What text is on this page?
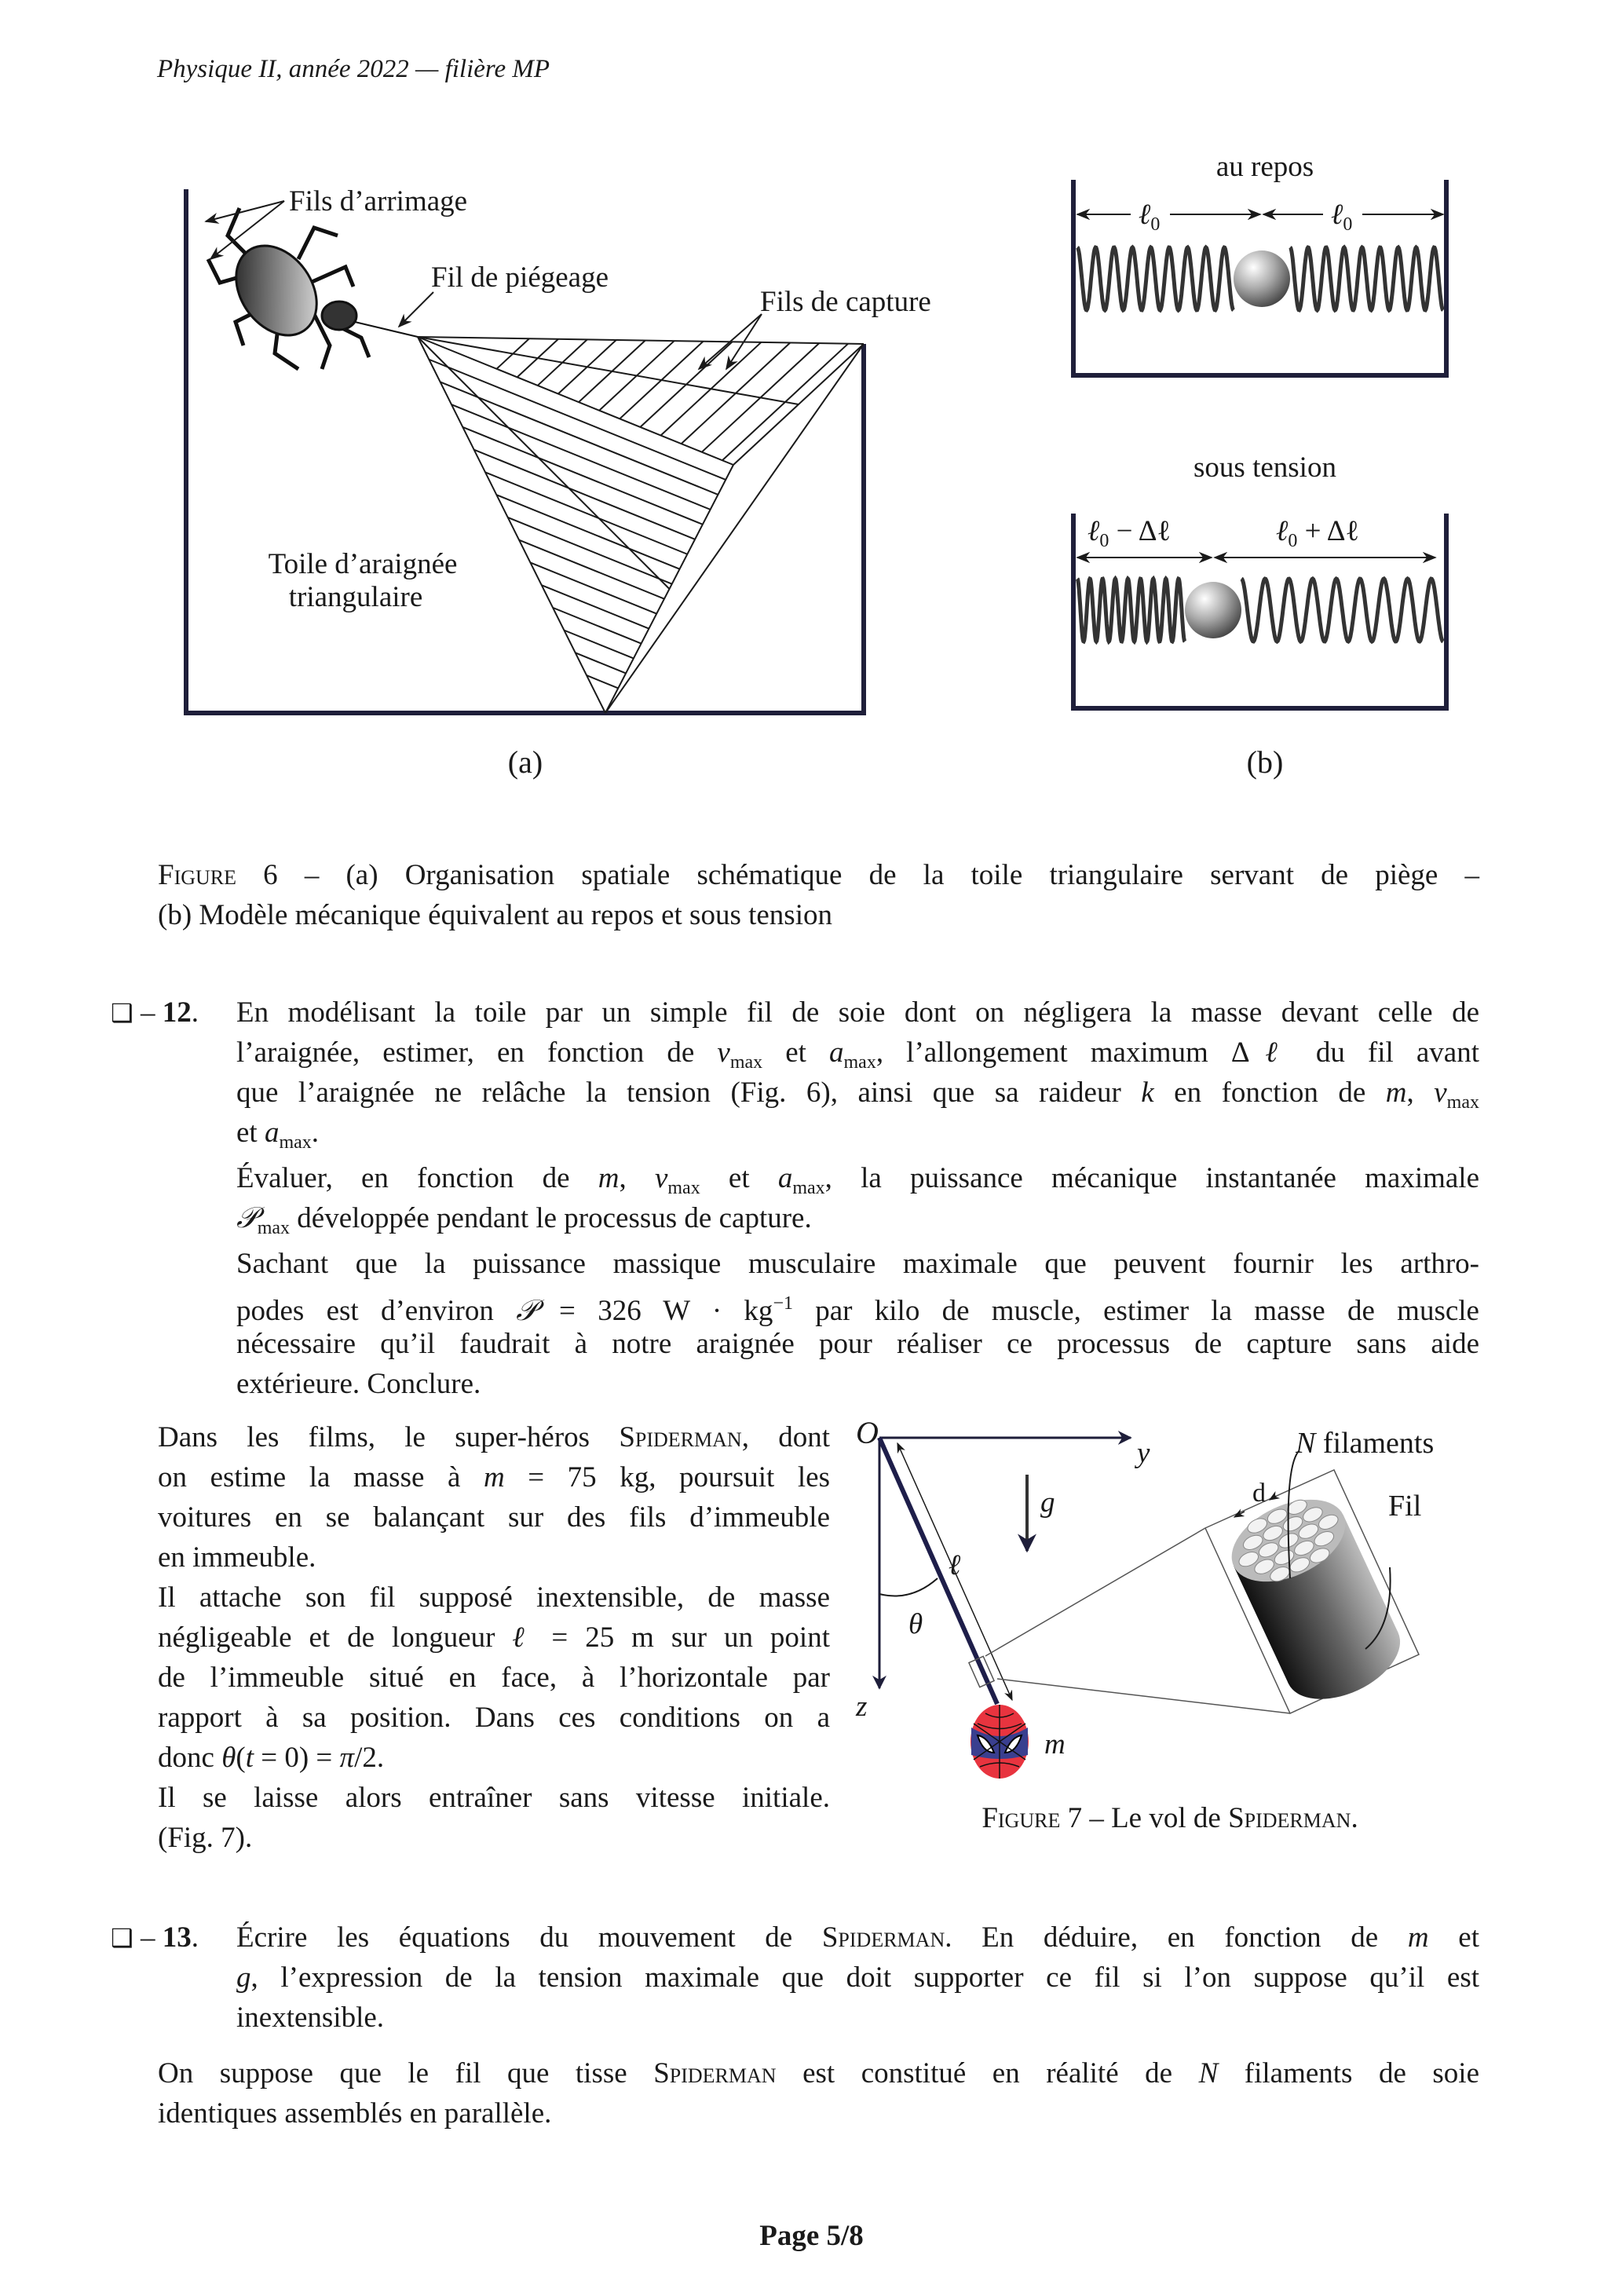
Physique II, année 2022 — filière MP
Fils d’arrimage
Fil de piégeage
Fils de capture
Toile d’araignée
triangulaire
(a)
au repos
ℓ$_0$	ℓ$_0$
sous tension
ℓ$_0$ − Δℓ	ℓ$_0$ + Δℓ
(b)
O
y
z
g⃗
ℓ
θ
N filaments
d	Fil
m
Figure 6 – (a) Organisation spatiale schématique de la toile triangulaire servant de piège –
(b) Modèle mécanique équivalent au repos et sous tension
❑ – 12. En modélisant la toile par un simple fil de soie dont on négligera la masse devant celle de
l’araignée, estimer, en fonction de $v_{max}$ et $a_{max}$, l’allongement maximum Δℓ du fil avant
que l’araignée ne relâche la tension (Fig. 6), ainsi que sa raideur k en fonction de m, $v_{max}$
et $a_{max}$.
Évaluer, en fonction de m, $v_{max}$ et $a_{max}$, la puissance mécanique instantanée maximale
𝒫$_{max}$ développée pendant le processus de capture.
Sachant que la puissance massique musculaire maximale que peuvent fournir les arthro-
podes est d’environ 𝒫 = 326 $W \cdot kg^{-1}$ par kilo de muscle, estimer la masse de muscle
nécessaire qu’il faudrait à notre araignée pour réaliser ce processus de capture sans aide
extérieure. Conclure.
Dans les films, le super-héros Spiderman, dont
on estime la masse à m = 75 kg, poursuit les
voitures en se balançant sur des fils d’immeuble
en immeuble.
Il attache son fil supposé inextensible, de masse
négligeable et de longueur ℓ = 25 m sur un point
de l’immeuble situé en face, à l’horizontale par
rapport à sa position. Dans ces conditions on a
donc θ(t = 0) = π/2.
Il se laisse alors entraîner sans vitesse initiale.
(Fig. 7).
Figure 7 – Le vol de Spiderman.
❑ – 13. Écrire les équations du mouvement de Spiderman. En déduire, en fonction de m et
g, l’expression de la tension maximale que doit supporter ce fil si l’on suppose qu’il est
inextensible.
On suppose que le fil que tisse Spiderman est constitué en réalité de N filaments de soie
identiques assemblés en parallèle.
Page 5/8
